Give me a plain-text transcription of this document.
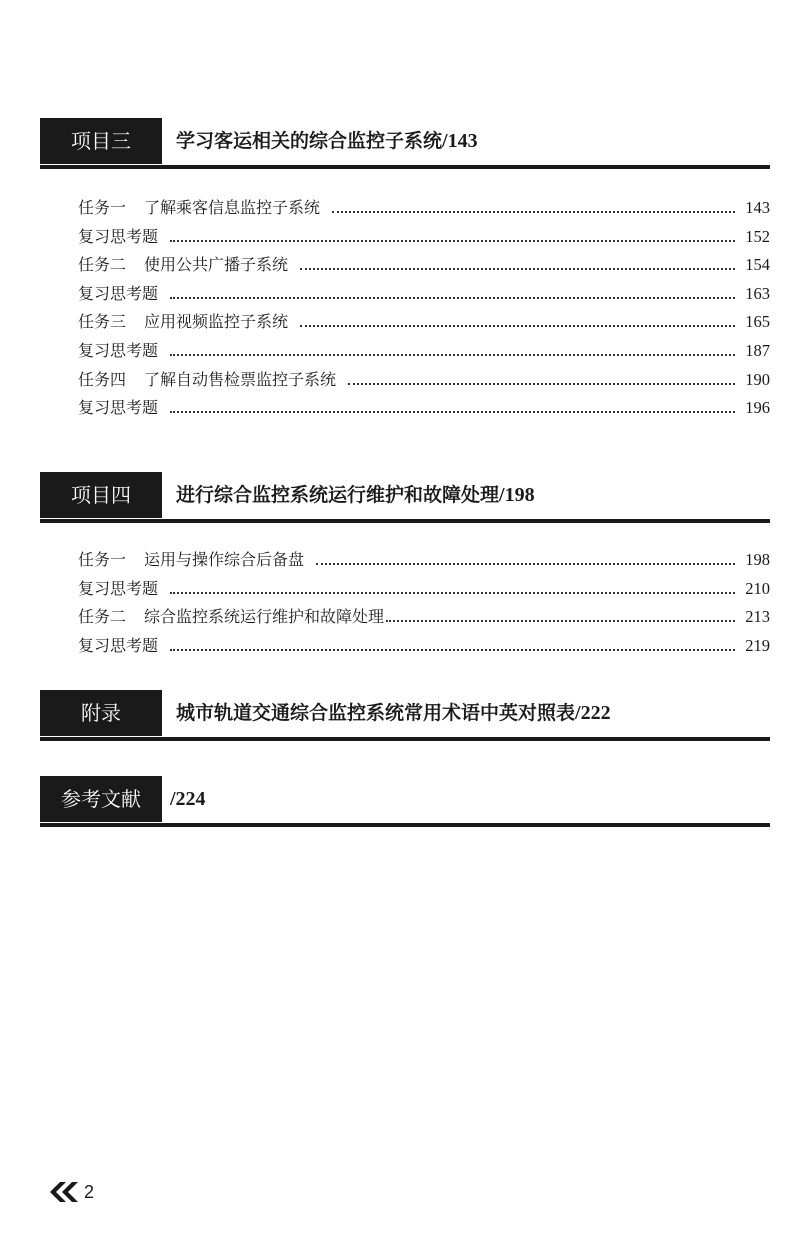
项目三	学习客运相关的综合监控子系统/143
任务一 了解乘客信息监控子系统	143
复习思考题	152
任务二 使用公共广播子系统	154
复习思考题	163
任务三 应用视频监控子系统	165
复习思考题	187
任务四 了解自动售检票监控子系统	190
复习思考题	196
项目四	进行综合监控系统运行维护和故障处理/198
任务一 运用与操作综合后备盘	198
复习思考题	210
任务二 综合监控系统运行维护和故障处理	213
复习思考题	219
附录	城市轨道交通综合监控系统常用术语中英对照表/222
参考文献	/224
2
